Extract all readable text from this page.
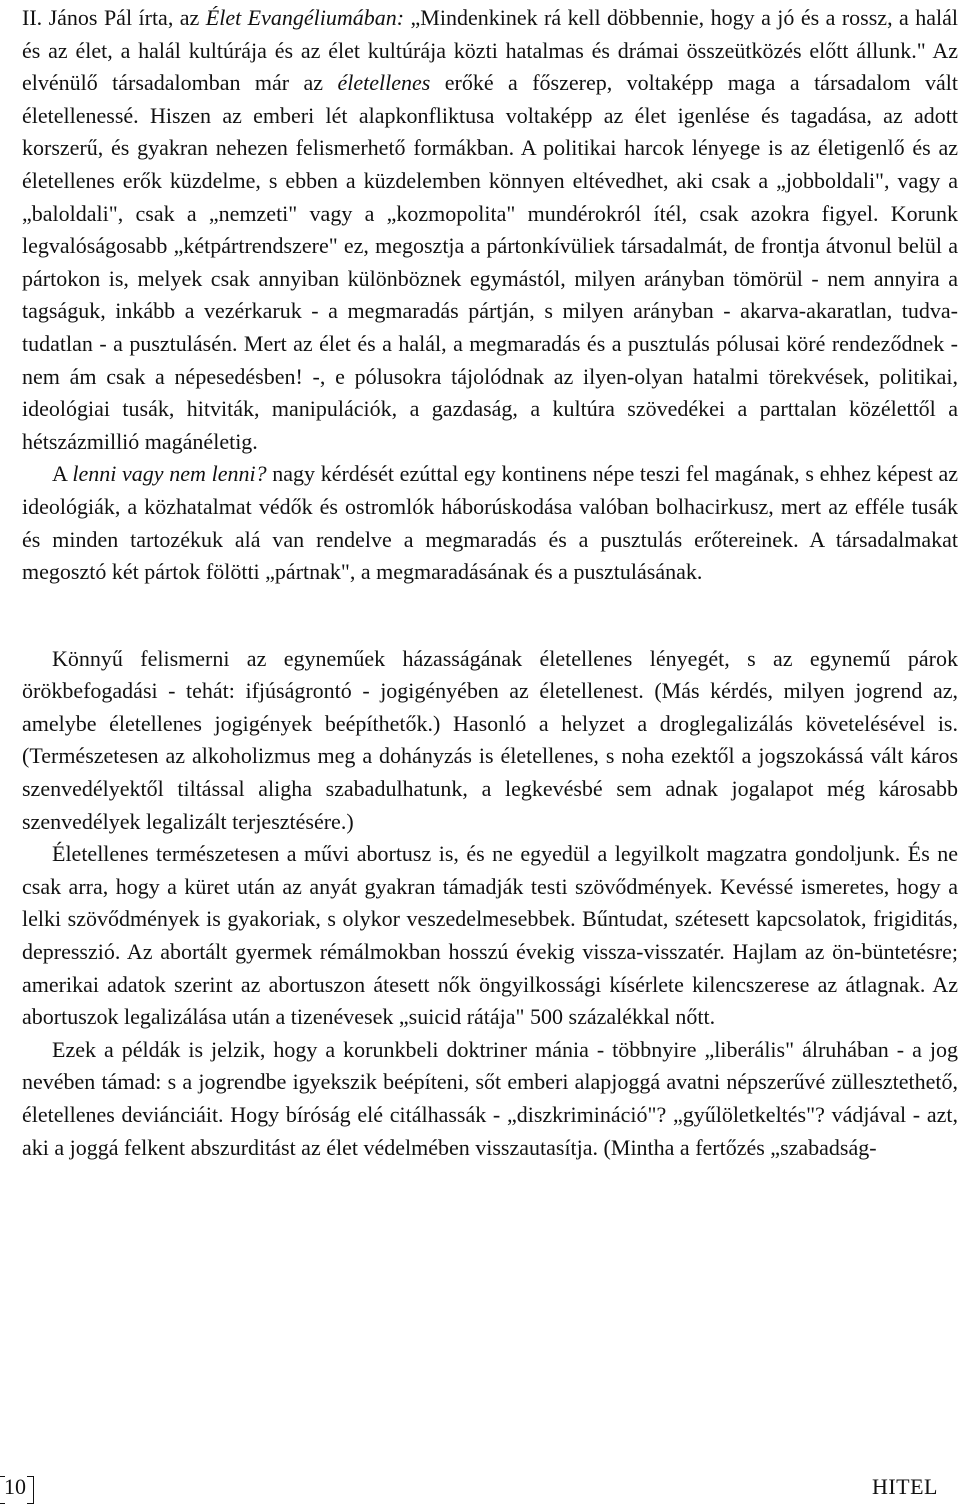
II. János Pál írta, az Élet Evangéliumában: „Mindenkinek rá kell döbbennie, hogy a jó és a rossz, a halál és az élet, a halál kultúrája és az élet kultúrája közti hatalmas és drámai összeütközés előtt állunk." Az elvénülő társadalomban már az életellenes erőké a főszerep, voltaképp maga a társadalom vált életellenessé. Hiszen az emberi lét alapkonfliktusa voltaképp az élet igenlése és tagadása, az adott korszerű, és gyakran nehezen felismerhető formákban. A politikai harcok lényege is az életigenlő és az életellenes erők küzdelme, s ebben a küzdelemben könnyen eltévedhet, aki csak a „jobboldali", vagy a „baloldali", csak a „nemzeti" vagy a „kozmopolita" mundérokról ítél, csak azokra figyel. Korunk legvalóságosabb „kétpártrendszere" ez, megosztja a pártonkívüliek társadalmát, de frontja átvonul belül a pártokon is, melyek csak annyiban különböznek egymástól, milyen arányban tömörül - nem annyira a tagságuk, inkább a vezérkaruk - a megmaradás pártján, s milyen arányban - akarva-akaratlan, tudva-tudatlan - a pusztulásén. Mert az élet és a halál, a megmaradás és a pusztulás pólusai köré rendeződnek - nem ám csak a népesedésben! -, e pólusokra tájolódnak az ilyen-olyan hatalmi törekvések, politikai, ideológiai tusák, hitviták, manipulációk, a gazdaság, a kultúra szövedékei a parttalan közélettől a hétszázmillió magánéletig.

A lenni vagy nem lenni? nagy kérdését ezúttal egy kontinens népe teszi fel magának, s ehhez képest az ideológiák, a közhatalmat védők és ostromlók háborúskodása valóban bolhacirkusz, mert az efféle tusák és minden tartozékuk alá van rendelve a megmaradás és a pusztulás erőtereinek. A társadalmakat megosztó két pártok fölötti „pártnak", a megmaradásának és a pusztulásának.

Könnyű felismerni az egyneműek házasságának életellenes lényegét, s az egynemű párok örökbefogadási - tehát: ifjúságrontó - jogigényében az életellenest. (Más kérdés, milyen jogrend az, amelybe életellenes jogigények beépíthetők.) Hasonló a helyzet a droglegalizálás követelésével is. (Természetesen az alkoholizmus meg a dohányzás is életellenes, s noha ezektől a jogszokássá vált káros szenvedélyektől tiltással aligha szabadulhatunk, a legkevésbé sem adnak jogalapot még károsabb szenvedélyek legalizált terjesztésére.)

Életellenes természetesen a művi abortusz is, és ne egyedül a legyilkolt magzatra gondoljunk. És ne csak arra, hogy a küret után az anyát gyakran támadják testi szövődmények. Kevéssé ismeretes, hogy a lelki szövődmények is gyakoriak, s olykor veszedelmesebbek. Bűntudat, szétesett kapcsolatok, frigiditás, depresszió. Az abortált gyermek rémálmokban hosszú évekig vissza-visszatér. Hajlam az ön-büntetésre; amerikai adatok szerint az abortuszon átesett nők öngyilkossági kísérlete kilencszerese az átlagnak. Az abortuszok legalizálása után a tizenévesek „suicid rátája" 500 százalékkal nőtt.

Ezek a példák is jelzik, hogy a korunkbeli doktriner mánia - többnyire „liberális" álruhában - a jog nevében támad: s a jogrendbe igyekszik beépíteni, sőt emberi alapjoggá avatni népszerűvé züllesztethető, életellenes deviánciáit. Hogy bíróság elé citálhassák - „diszkrimináció"? „gyűlöletkeltés"? vádjával - azt, aki a joggá felkent abszurditást az élet védelmében visszautasítja. (Mintha a fertőzés „szabadság-

10	HITEL
